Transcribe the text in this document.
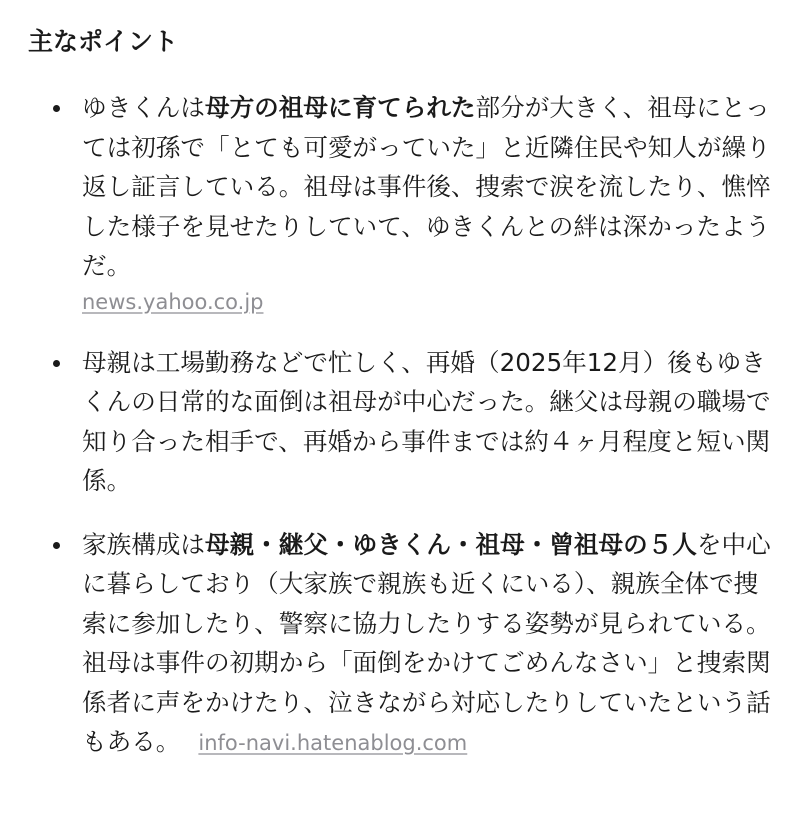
主なポイント
ゆきくんは母方の祖母に育てられた部分が大きく、祖母にとっては初孫で「とても可愛がっていた」と近隣住民や知人が繰り返し証言している。祖母は事件後、捜索で涙を流したり、憔悴した様子を見せたりしていて、ゆきくんとの絆は深かったようだ。
news.yahoo.co.jp
母親は工場勤務などで忙しく、再婚（2025年12月）後もゆきくんの日常的な面倒は祖母が中心だった。継父は母親の職場で知り合った相手で、再婚から事件までは約４ヶ月程度と短い関係。
家族構成は母親・継父・ゆきくん・祖母・曾祖母の５人を中心に暮らしており（大家族で親族も近くにいる）、親族全体で捜索に参加したり、警察に協力したりする姿勢が見られている。祖母は事件の初期から「面倒をかけてごめんなさい」と捜索関係者に声をかけたり、泣きながら対応したりしていたという話もある。 info-navi.hatenablog.com
